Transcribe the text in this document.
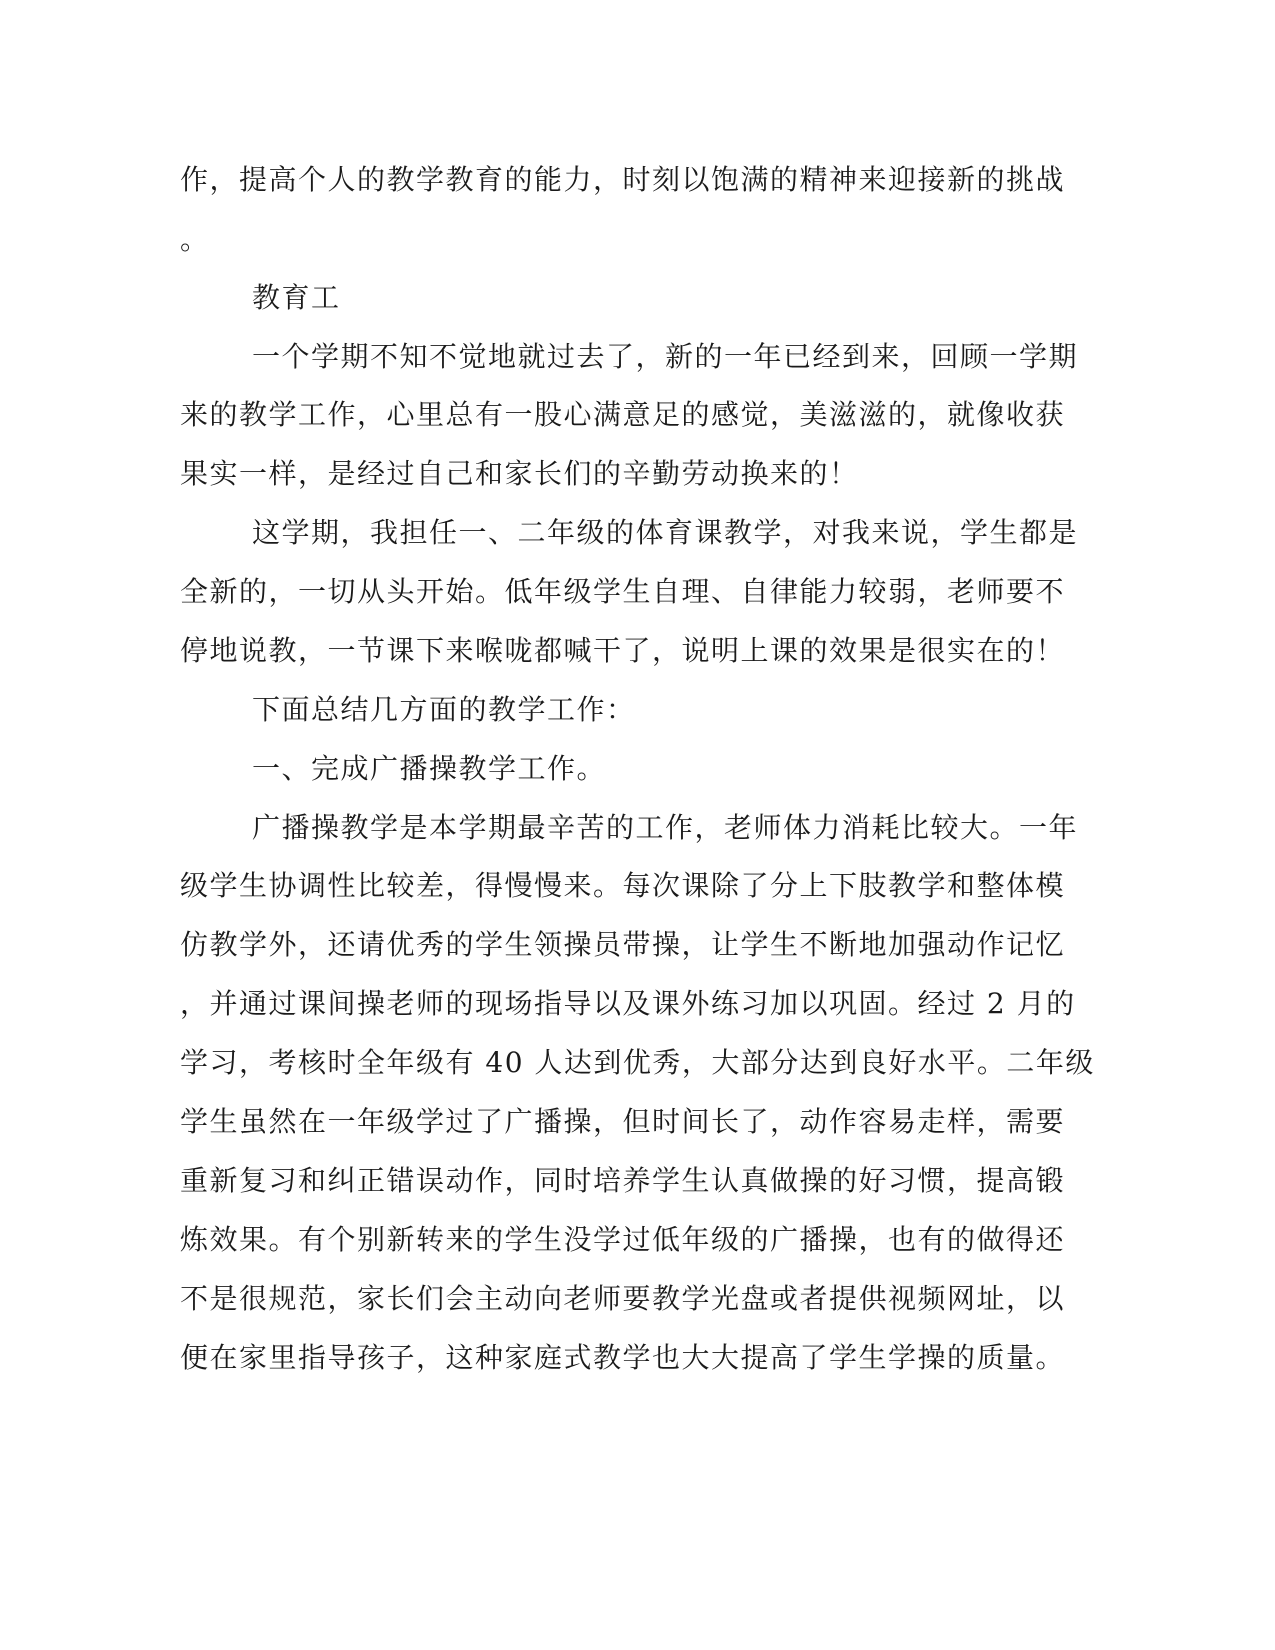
作，提高个人的教学教育的能力，时刻以饱满的精神来迎接新的挑战

。

教育工

一个学期不知不觉地就过去了，新的一年已经到来，回顾一学期

来的教学工作，心里总有一股心满意足的感觉，美滋滋的，就像收获

果实一样，是经过自己和家长们的辛勤劳动换来的！

这学期，我担任一、二年级的体育课教学，对我来说，学生都是

全新的，一切从头开始。低年级学生自理、自律能力较弱，老师要不

停地说教，一节课下来喉咙都喊干了，说明上课的效果是很实在的！

下面总结几方面的教学工作：

一、完成广播操教学工作。

广播操教学是本学期最辛苦的工作，老师体力消耗比较大。一年

级学生协调性比较差，得慢慢来。每次课除了分上下肢教学和整体模

仿教学外，还请优秀的学生领操员带操，让学生不断地加强动作记忆

，并通过课间操老师的现场指导以及课外练习加以巩固。经过 2 月的

学习，考核时全年级有 40 人达到优秀，大部分达到良好水平。二年级

学生虽然在一年级学过了广播操，但时间长了，动作容易走样，需要

重新复习和纠正错误动作，同时培养学生认真做操的好习惯，提高锻

炼效果。有个别新转来的学生没学过低年级的广播操，也有的做得还

不是很规范，家长们会主动向老师要教学光盘或者提供视频网址，以

便在家里指导孩子，这种家庭式教学也大大提高了学生学操的质量。
